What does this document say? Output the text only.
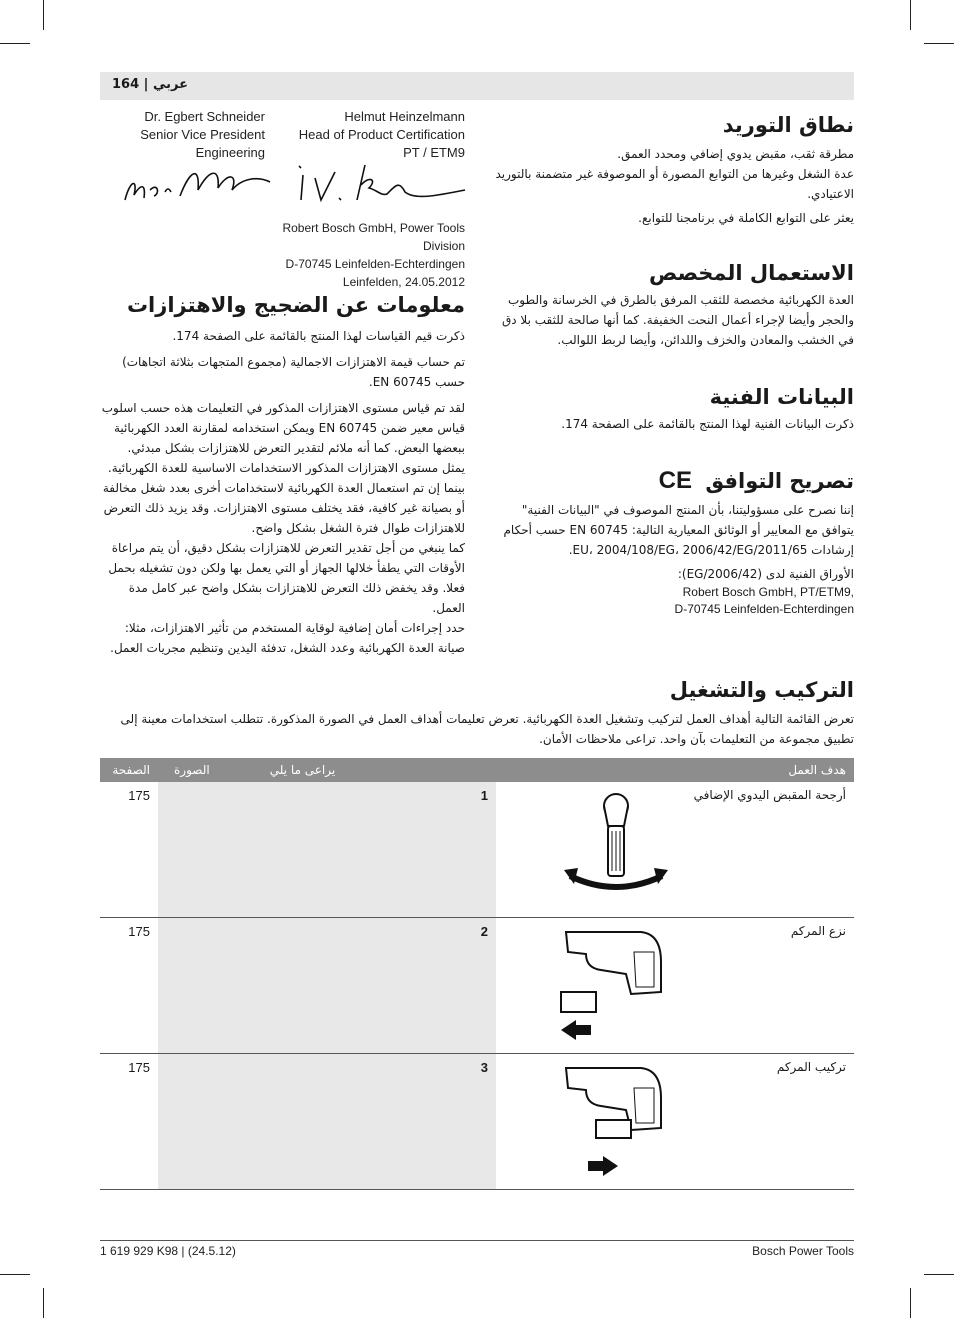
164 | عربي
Dr. Egbert Schneider
Senior Vice President
Engineering
Helmut Heinzelmann
Head of Product Certification
PT / ETM9
Robert Bosch GmbH, Power Tools Division
D-70745 Leinfelden-Echterdingen
Leinfelden, 24.05.2012
معلومات عن الضجيج والاهتزازات
ذكرت قيم القياسات لهذا المنتج بالقائمة على الصفحة 174.
تم حساب قيمة الاهتزازات الاجمالية (مجموع المتجهات بثلاثة اتجاهات) حسب EN 60745.
لقد تم قياس مستوى الاهتزازات المذكور في التعليمات هذه حسب اسلوب قياس معير ضمن EN 60745 ويمكن استخدامه لمقارنة العدد الكهربائية ببعضها البعض. كما أنه ملائم لتقدير التعرض للاهتزازات بشكل مبدئي.
يمثل مستوى الاهتزازات المذكور الاستخدامات الاساسية للعدة الكهربائية. بينما إن تم استعمال العدة الكهربائية لاستخدامات أخرى بعدد شغل مخالفة أو بصيانة غير كافية، فقد يختلف مستوى الاهتزازات. وقد يزيد ذلك التعرض للاهتزازات طوال فترة الشغل بشكل واضح.
كما ينبغي من أجل تقدير التعرض للاهتزازات بشكل دقيق، أن يتم مراعاة الأوقات التي يطفأ خلالها الجهاز أو التي يعمل بها ولكن دون تشغيله بحمل فعلا. وقد يخفض ذلك التعرض للاهتزازات بشكل واضح عبر كامل مدة العمل.
حدد إجراءات أمان إضافية لوقاية المستخدم من تأثير الاهتزازات، مثلا: صيانة العدة الكهربائية وعدد الشغل، تدفئة اليدين وتنظيم مجريات العمل.
نطاق التوريد
مطرقة ثقب، مقبض يدوي إضافي ومحدد العمق.
عدة الشغل وغيرها من التوابع المصورة أو الموصوفة غير متضمنة بالتوريد الاعتيادي.
يعثر على التوابع الكاملة في برنامجنا للتوابع.
الاستعمال المخصص
العدة الكهربائية مخصصة للثقب المرفق بالطرق في الخرسانة والطوب والحجر وأيضا لإجراء أعمال النحت الخفيفة. كما أنها صالحة للثقب بلا دق في الخشب والمعادن والخزف واللدائن، وأيضا لربط اللوالب.
البيانات الفنية
ذكرت البيانات الفنية لهذا المنتج بالقائمة على الصفحة 174.
تصريح التوافق CE
إننا نصرح على مسؤوليتنا، بأن المنتج الموصوف في "البيانات الفنية" يتوافق مع المعايير أو الوثائق المعيارية التالية: EN 60745 حسب أحكام إرشادات 2011/65/EU، 2004/108/EG، 2006/42/EG.
الأوراق الفنية لدى (2006/42/EG):
Robert Bosch GmbH, PT/ETM9,
D-70745 Leinfelden-Echterdingen
التركيب والتشغيل
تعرض القائمة التالية أهداف العمل لتركيب وتشغيل العدة الكهربائية. تعرض تعليمات أهداف العمل في الصورة المذكورة. تتطلب استخدامات معينة إلى تطبيق مجموعة من التعليمات بآن واحد. تراعى ملاحظات الأمان.
الصفحة	الصورة يراعى ما يلي	هدف العمل
175	1	أرجحة المقبض اليدوي الإضافي

175	2	نزع المركم

175	3	تركيب المركم
1 619 929 K98 | (24.5.12)	Bosch Power Tools
